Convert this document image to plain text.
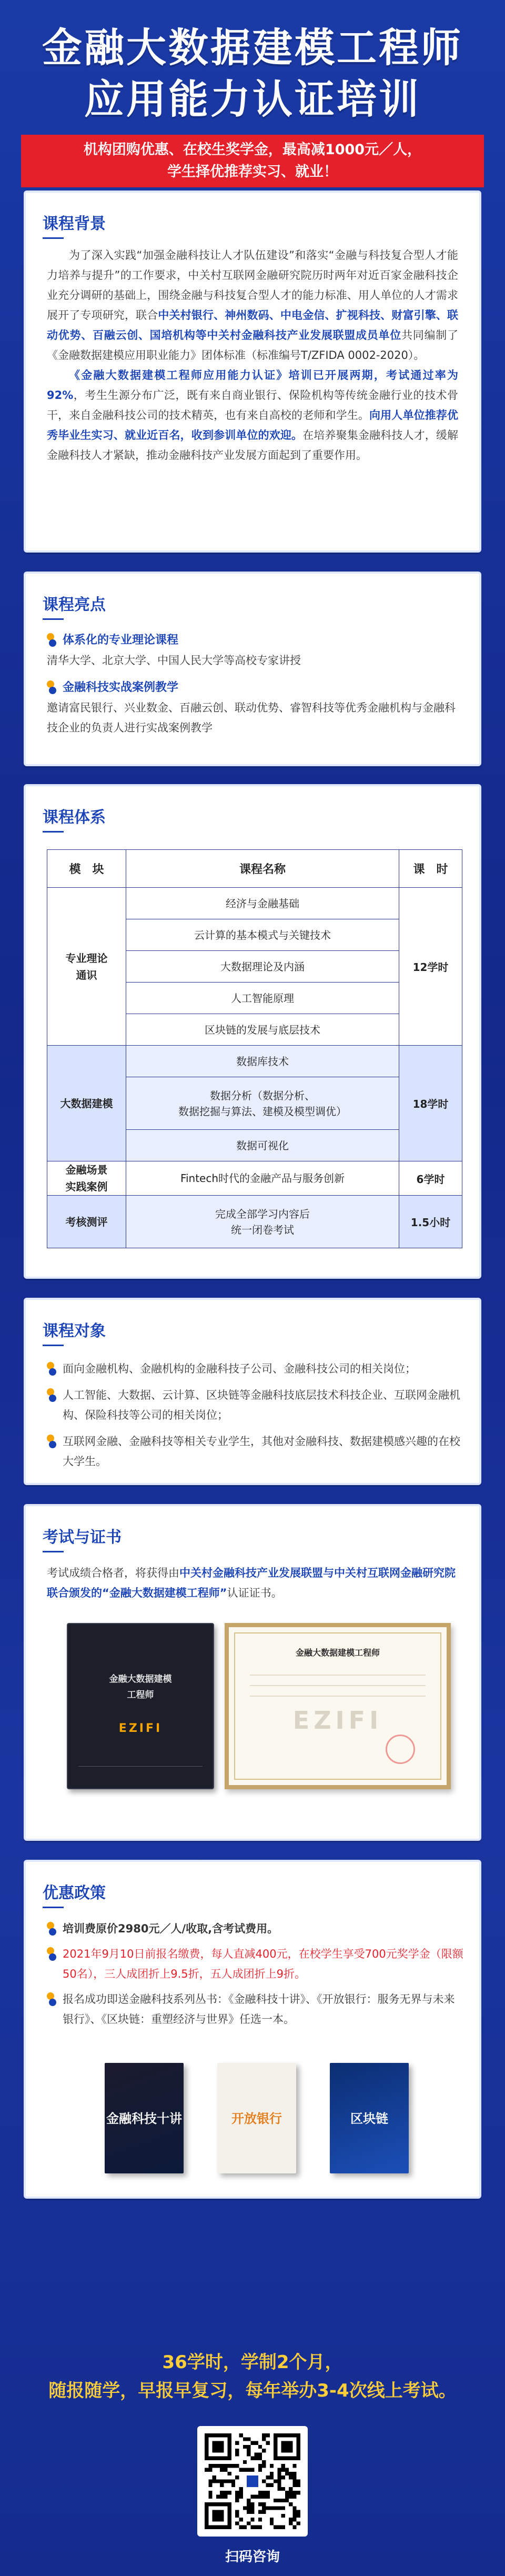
金融大数据建模工程师
应用能力认证培训
机构团购优惠、在校生奖学金，最高减1000元／人，
学生择优推荐实习、就业！
课程背景

为了深入实践“加强金融科技让人才队伍建设”和落实“金融与科技复合型人才能力培养与提升”的工作要求，中关村互联网金融研究院历时两年对近百家金融科技企业充分调研的基础上，围绕金融与科技复合型人才的能力标准、用人单位的人才需求展开了专项研究，联合中关村银行、神州数码、中电金信、扩视科技、财富引擎、联动优势、百融云创、国培机构等中关村金融科技产业发展联盟成员单位共同编制了《金融数据建模应用职业能力》团体标准（标准编号T/ZFIDA 0002-2020）。

《金融大数据建模工程师应用能力认证》培训已开展两期，考试通过率为92%，考生生源分布广泛，既有来自商业银行、保险机构等传统金融行业的技术骨干，来自金融科技公司的技术精英，也有来自高校的老师和学生。向用人单位推荐优秀毕业生实习、就业近百名，收到参训单位的欢迎。在培养聚集金融科技人才，缓解金融科技人才紧缺，推动金融科技产业发展方面起到了重要作用。

课程亮点
体系化的专业理论课程
清华大学、北京大学、中国人民大学等高校专家讲授
金融科技实战案例教学
邀请富民银行、兴业数金、百融云创、联动优势、睿智科技等优秀金融机构与金融科技企业的负责人进行实战案例教学
课程体系
模　块	课程名称	课　时
专业理论
通识	经济与金融基础	12学时
	云计算的基本模式与关键技术	
	大数据理论及内涵	
	人工智能原理	
	区块链的发展与底层技术	
大数据建模	数据库技术	18学时
	数据分析（数据分析、
数据挖掘与算法、建模及模型调优）	
	数据可视化	
金融场景
实践案例	Fintech时代的金融产品与服务创新	6学时
考核测评	完成全部学习内容后
统一闭卷考试	1.5小时
课程对象
面向金融机构、金融机构的金融科技子公司、金融科技公司的相关岗位；
人工智能、大数据、云计算、区块链等金融科技底层技术科技企业、互联网金融机构、保险科技等公司的相关岗位；
互联网金融、金融科技等相关专业学生，其他对金融科技、数据建模感兴趣的在校大学生。
考试与证书
考试成绩合格者，将获得由中关村金融科技产业发展联盟与中关村互联网金融研究院联合颁发的“金融大数据建模工程师”认证证书。
金融大数据建模
工程师
EZIFI
金融大数据建模工程师
EZIFI
优惠政策
培训费原价2980元／人/收取,含考试费用。
2021年9月10日前报名缴费，每人直减400元，在校学生享受700元奖学金（限额50名），三人成团折上9.5折，五人成团折上9折。
报名成功即送金融科技系列丛书：《金融科技十讲》、《开放银行：服务无界与未来银行》、《区块链：重塑经济与世界》任选一本。
金融科技十讲	开放银行	区块链
36学时，学制2个月，
随报随学，早报早复习，每年举办3-4次线上考试。
扫码咨询
